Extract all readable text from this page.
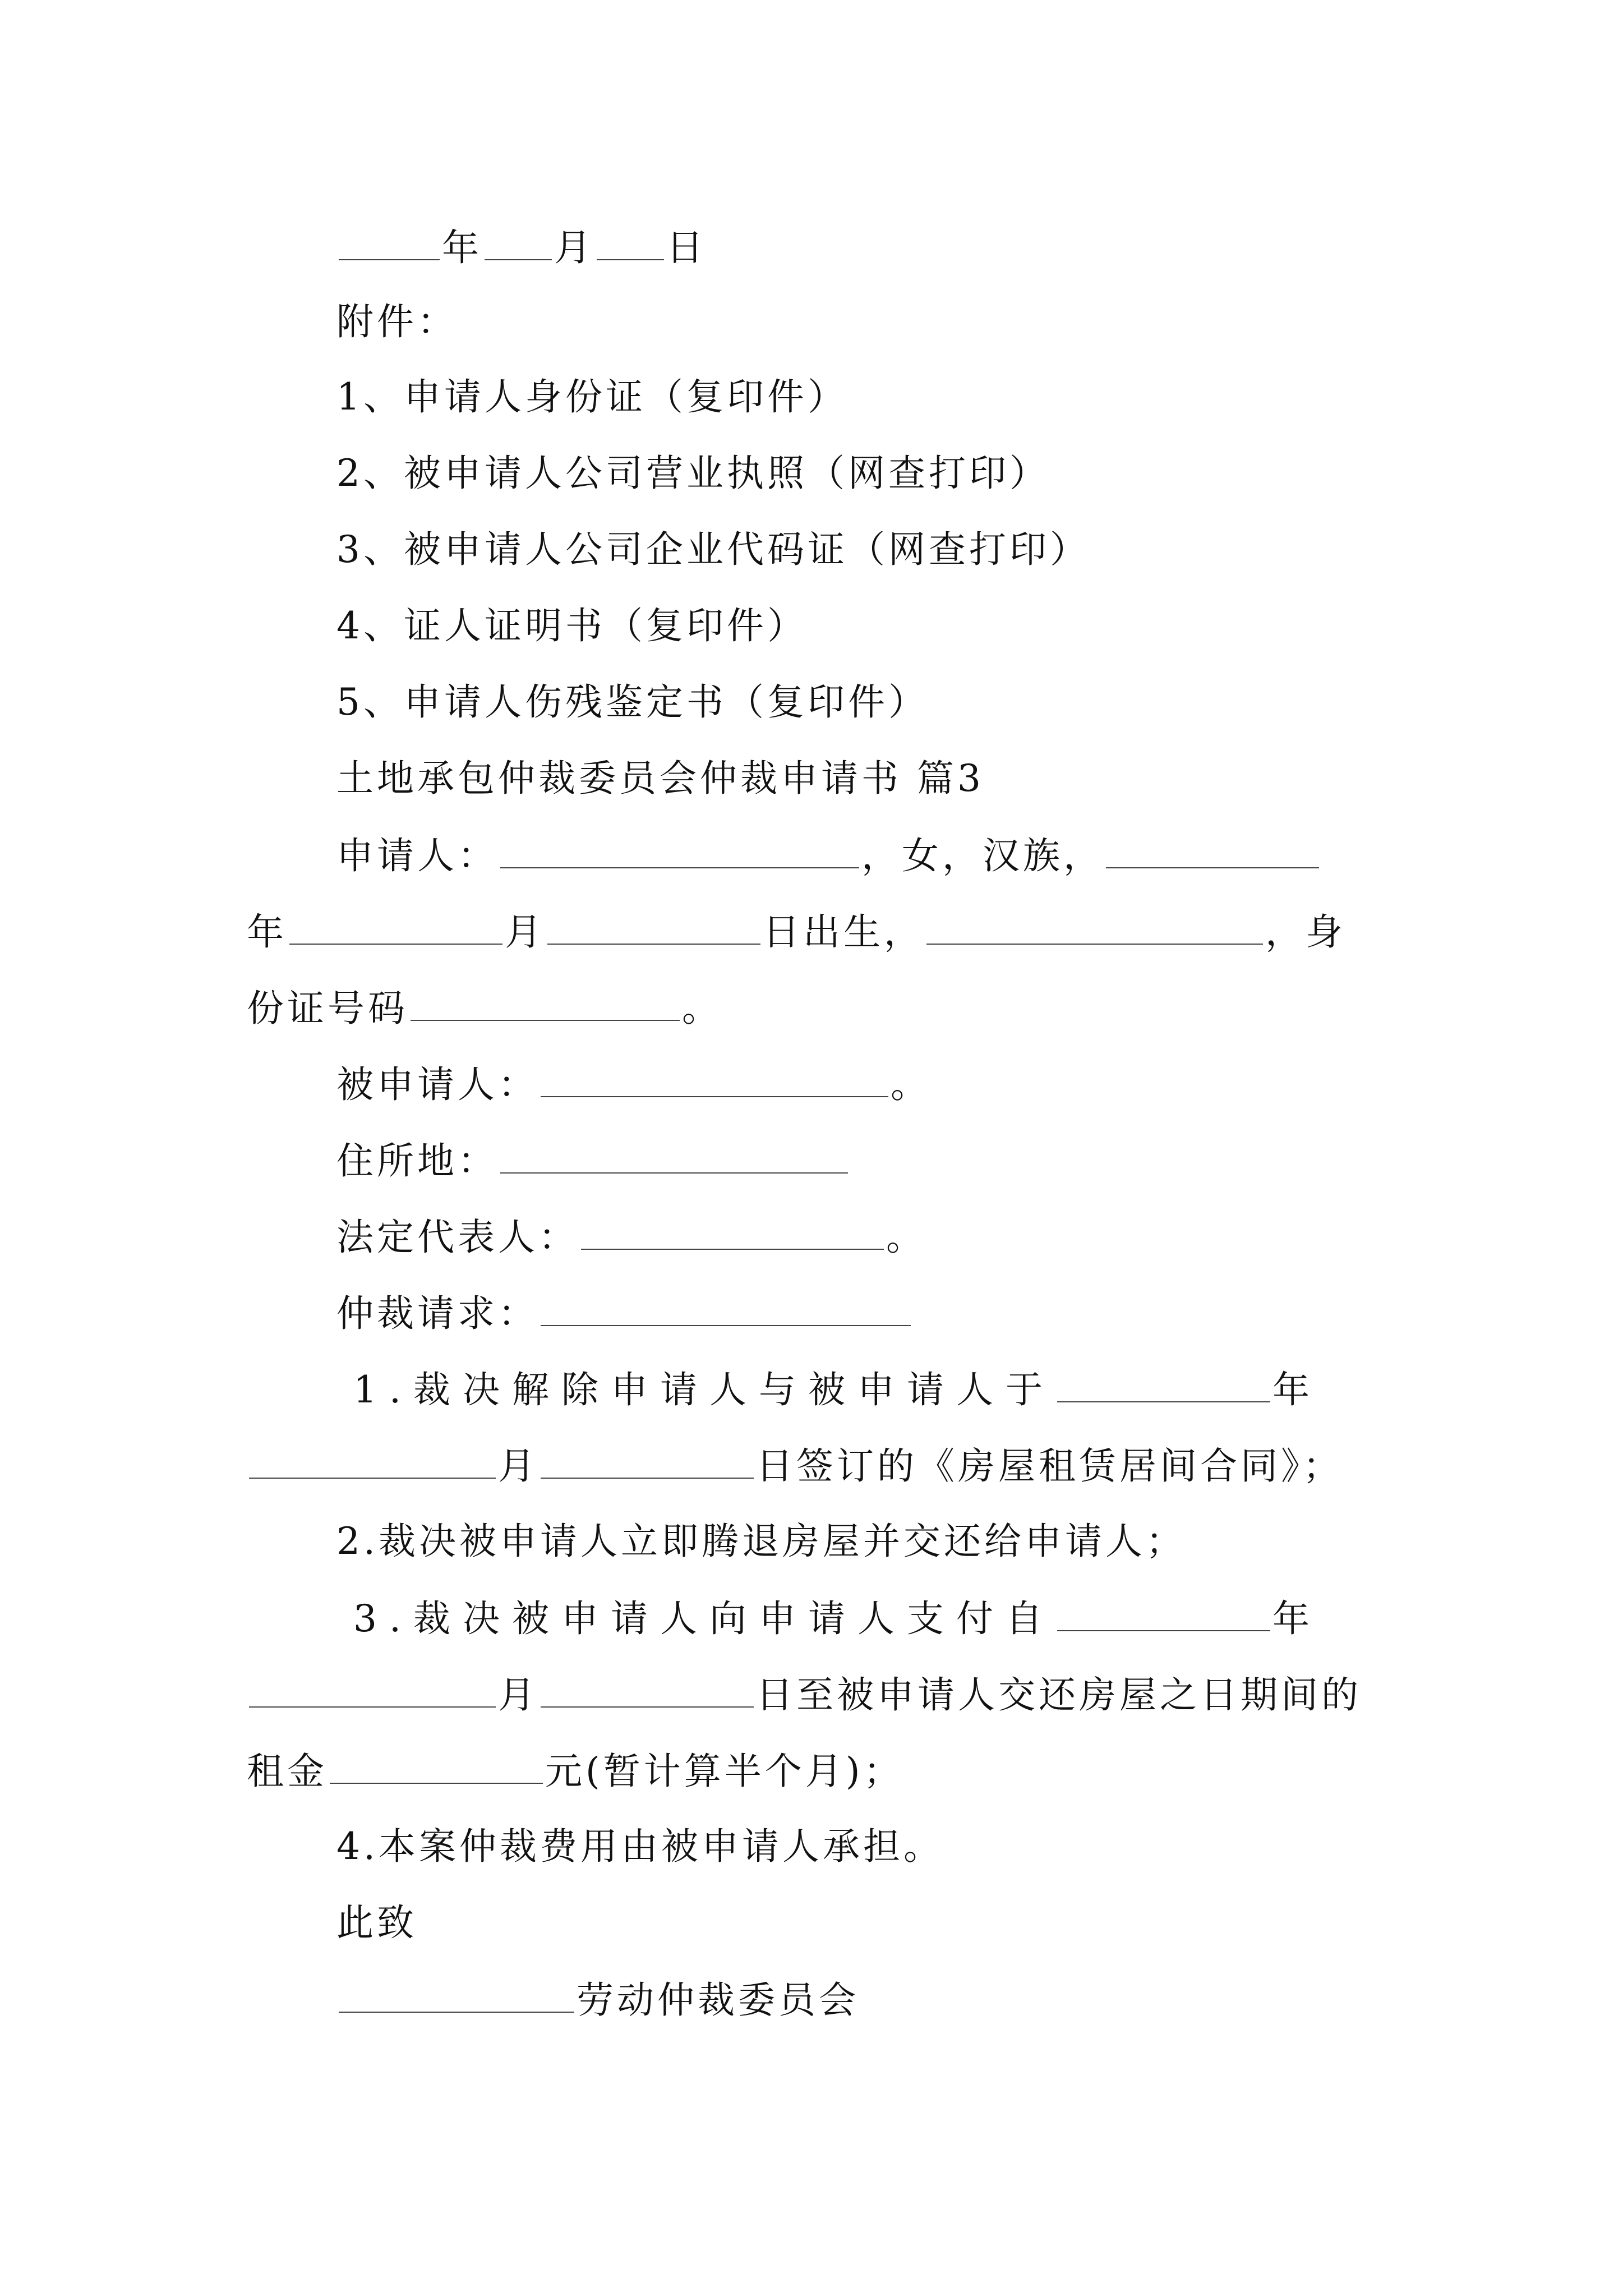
年 月 日
附件：
1、申请人身份证（复印件）
2、被申请人公司营业执照（网查打印）
3、被申请人公司企业代码证（网查打印）
4、证人证明书（复印件）
5、申请人伤残鉴定书（复印件）
土地承包仲裁委员会仲裁申请书 篇3
申请人：	，女，汉族，
年	月	日出生，	，身
份证号码	。
被申请人：	。
住所地：
法定代表人：	。
仲裁请求：
1.裁决解除申请人与被申请人于	年
月	日签订的《房屋租赁居间合同》；
2.裁决被申请人立即腾退房屋并交还给申请人；
3.裁决被申请人向申请人支付自	年
月	日至被申请人交还房屋之日期间的
租金	元(暂计算半个月)；
4.本案仲裁费用由被申请人承担。
此致
劳动仲裁委员会
